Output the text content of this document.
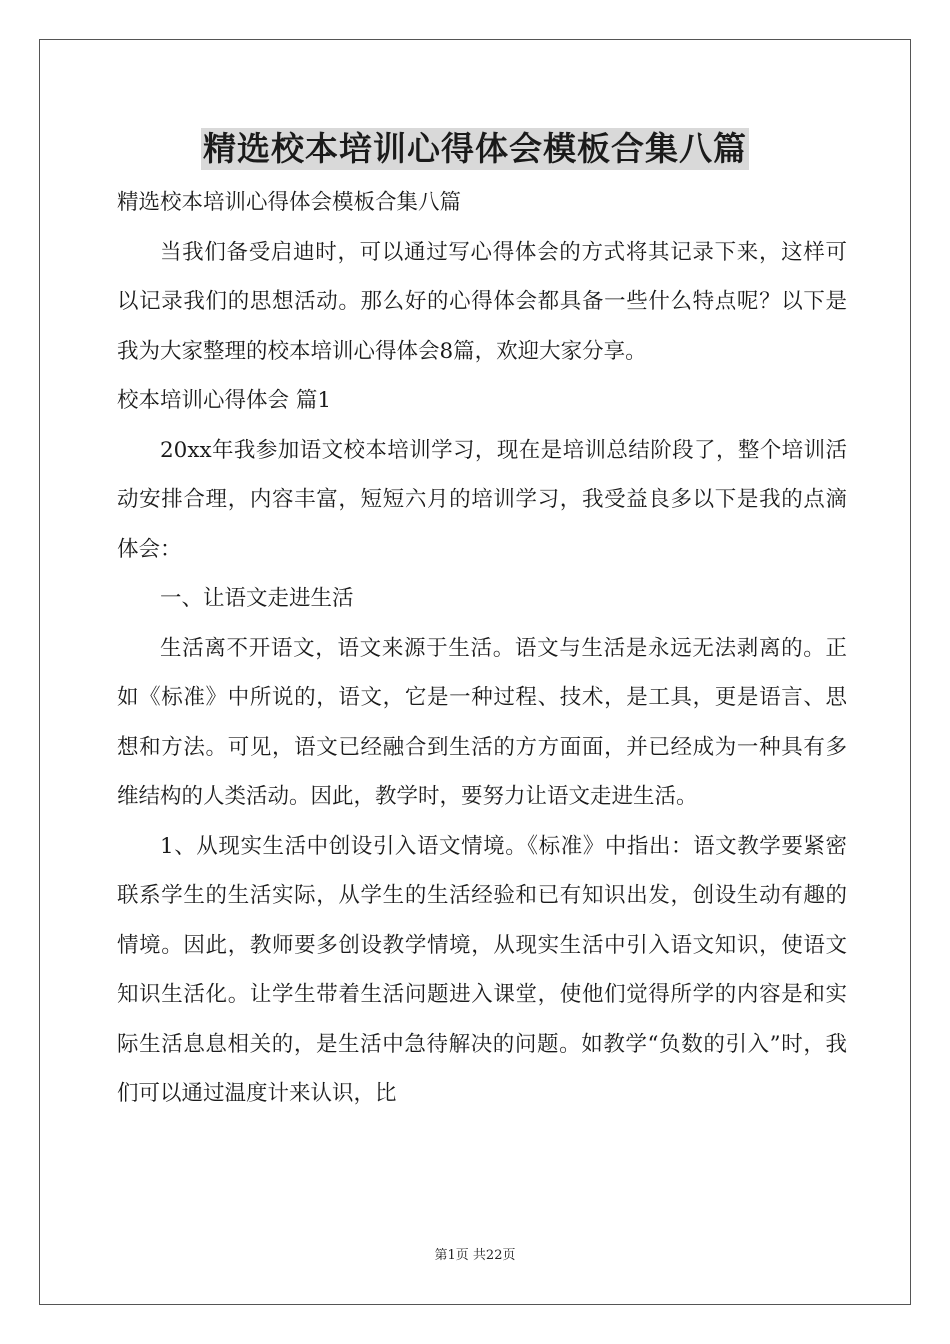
精选校本培训心得体会模板合集八篇

精选校本培训心得体会模板合集八篇

当我们备受启迪时，可以通过写心得体会的方式将其记录下来，这样可以记录我们的思想活动。那么好的心得体会都具备一些什么特点呢？以下是我为大家整理的校本培训心得体会8篇，欢迎大家分享。

校本培训心得体会 篇1

20xx年我参加语文校本培训学习，现在是培训总结阶段了，整个培训活动安排合理，内容丰富，短短六月的培训学习，我受益良多以下是我的点滴体会：

一、让语文走进生活

生活离不开语文，语文来源于生活。语文与生活是永远无法剥离的。正如《标准》中所说的，语文，它是一种过程、技术，是工具，更是语言、思想和方法。可见，语文已经融合到生活的方方面面，并已经成为一种具有多维结构的人类活动。因此，教学时，要努力让语文走进生活。

1、从现实生活中创设引入语文情境。《标准》中指出：语文教学要紧密联系学生的生活实际，从学生的生活经验和已有知识出发，创设生动有趣的情境。因此，教师要多创设教学情境，从现实生活中引入语文知识，使语文知识生活化。让学生带着生活问题进入课堂，使他们觉得所学的内容是和实际生活息息相关的，是生活中急待解决的问题。如教学“负数的引入”时，我们可以通过温度计来认识，比

第1页 共22页
